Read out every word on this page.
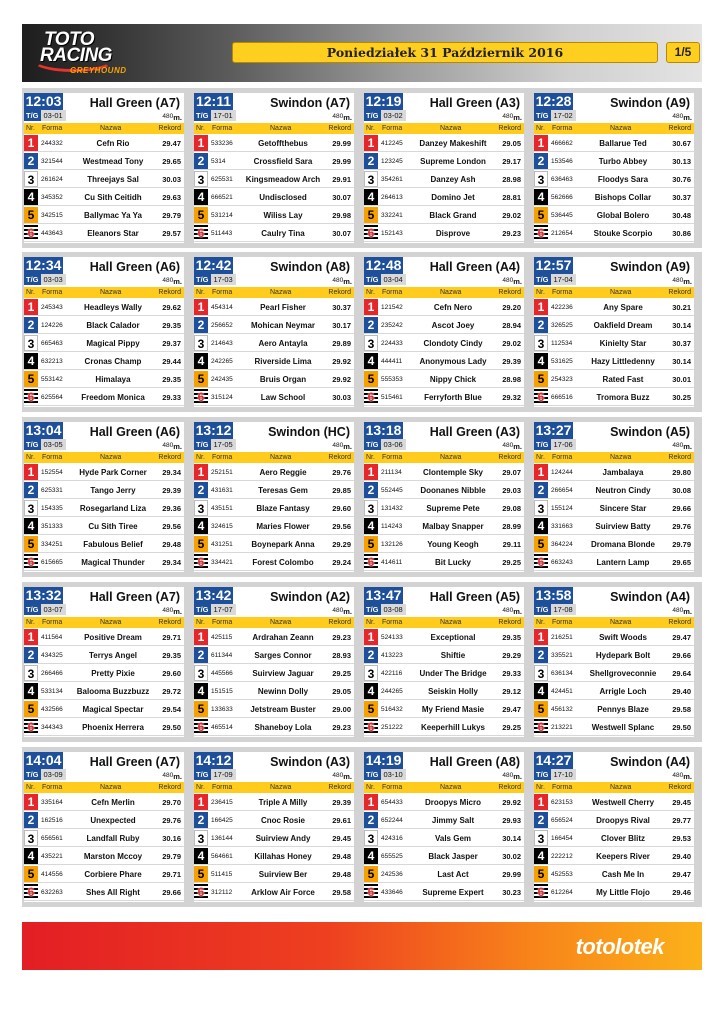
TOTO
RACING
GREYHOUND
Poniedziałek 31 Październik 2016	1/5
12:03
T/G 03-01
Hall Green (A7)
480m.
Nr. Forma	Nazwa	Rekord
1	244332	Cefn Rio	29.47
2	321544	Westmead Tony	29.65
3	261624	Threejays Sal	30.03
4	345352	Cu Sith Ceitidh	29.63
5	342515	Ballymac Ya Ya	29.79
6	443643	Eleanors Star	29.57
12:11
T/G 17-01
Swindon (A7)
480m.
Nr. Forma	Nazwa	Rekord
1	533236	Getoffthebus	29.99
2	5314	Crossfield Sara	29.99
3	625531	Kingsmeadow Arch	29.91
4	666521	Undisclosed	30.07
5	531214	Wiliss Lay	29.98
6	511443	Caulry Tina	30.07
12:19
T/G 03-02
Hall Green (A3)
480m.
Nr. Forma	Nazwa	Rekord
1	412245	Danzey Makeshift	29.05
2	123245	Supreme London	29.17
3	354261	Danzey Ash	28.98
4	264613	Domino Jet	28.81
5	332241	Black Grand	29.02
6	152143	Disprove	29.23
12:28
T/G 17-02
Swindon (A9)
480m.
Nr. Forma	Nazwa	Rekord
1	466662	Ballarue Ted	30.67
2	153546	Turbo Abbey	30.13
3	636463	Floodys Sara	30.76
4	562666	Bishops Collar	30.37
5	536445	Global Bolero	30.48
6	212654	Stouke Scorpio	30.86
12:34
T/G 03-03
Hall Green (A6)
480m.
Nr. Forma	Nazwa	Rekord
1	245343	Headleys Wally	29.62
2	124226	Black Calador	29.35
3	665463	Magical Pippy	29.37
4	632213	Cronas Champ	29.44
5	553142	Himalaya	29.35
6	625564	Freedom Monica	29.33
12:42
T/G 17-03
Swindon (A8)
480m.
Nr. Forma	Nazwa	Rekord
1	454314	Pearl Fisher	30.37
2	256652	Mohican Neymar	30.17
3	214643	Aero Antayla	29.89
4	242265	Riverside Lima	29.92
5	242435	Bruis Organ	29.92
6	315124	Law School	30.03
12:48
T/G 03-04
Hall Green (A4)
480m.
Nr. Forma	Nazwa	Rekord
1	121542	Cefn Nero	29.20
2	235242	Ascot Joey	28.94
3	224433	Clondoty Cindy	29.02
4	444411	Anonymous Lady	29.39
5	555353	Nippy Chick	28.98
6	515461	Ferryforth Blue	29.32
12:57
T/G 17-04
Swindon (A9)
480m.
Nr. Forma	Nazwa	Rekord
1	422236	Any Spare	30.21
2	326525	Oakfield Dream	30.14
3	112534	Kinielty Star	30.37
4	531625	Hazy Littledenny	30.14
5	254323	Rated Fast	30.01
6	666516	Tromora Buzz	30.25
13:04
T/G 03-05
Hall Green (A6)
480m.
Nr. Forma	Nazwa	Rekord
1	152554	Hyde Park Corner	29.34
2	625331	Tango Jerry	29.39
3	154335	Rosegarland Liza	29.36
4	351333	Cu Sith Tiree	29.56
5	334251	Fabulous Belief	29.48
6	615665	Magical Thunder	29.34
13:12
T/G 17-05
Swindon (HC)
480m.
Nr. Forma	Nazwa	Rekord
1	252151	Aero Reggie	29.76
2	431631	Teresas Gem	29.85
3	435151	Blaze Fantasy	29.60
4	324615	Maries Flower	29.56
5	431251	Boynepark Anna	29.29
6	334421	Forest Colombo	29.24
13:18
T/G 03-06
Hall Green (A3)
480m.
Nr. Forma	Nazwa	Rekord
1	211134	Clontemple Sky	29.07
2	552445	Doonanes Nibble	29.03
3	131432	Supreme Pete	29.08
4	114243	Malbay Snapper	28.99
5	132126	Young Keogh	29.11
6	414611	Bit Lucky	29.25
13:27
T/G 17-06
Swindon (A5)
480m.
Nr. Forma	Nazwa	Rekord
1	124244	Jambalaya	29.80
2	266654	Neutron Cindy	30.08
3	155124	Sincere Star	29.66
4	331663	Suirview Batty	29.76
5	364224	Dromana Blonde	29.79
6	663243	Lantern Lamp	29.65
13:32
T/G 03-07
Hall Green (A7)
480m.
Nr. Forma	Nazwa	Rekord
1	411564	Positive Dream	29.71
2	434325	Terrys Angel	29.35
3	266466	Pretty Pixie	29.60
4	533134	Balooma Buzzbuzz	29.72
5	432566	Magical Spectar	29.54
6	344343	Phoenix Herrera	29.50
13:42
T/G 17-07
Swindon (A2)
480m.
Nr. Forma	Nazwa	Rekord
1	425115	Ardrahan Zeann	29.23
2	611344	Sarges Connor	28.93
3	445566	Suirview Jaguar	29.25
4	151515	Newinn Dolly	29.05
5	133633	Jetstream Buster	29.00
6	465514	Shaneboy Lola	29.23
13:47
T/G 03-08
Hall Green (A5)
480m.
Nr. Forma	Nazwa	Rekord
1	524133	Exceptional	29.35
2	413223	Shiftie	29.29
3	422116	Under The Bridge	29.33
4	244265	Seiskin Holly	29.12
5	516432	My Friend Masie	29.47
6	251222	Keeperhill Lukys	29.25
13:58
T/G 17-08
Swindon (A4)
480m.
Nr. Forma	Nazwa	Rekord
1	216251	Swift Woods	29.47
2	335521	Hydepark Bolt	29.66
3	636134	Shellgroveconnie	29.64
4	424451	Arrigle Loch	29.40
5	456132	Pennys Blaze	29.58
6	213221	Westwell Splanc	29.50
14:04
T/G 03-09
Hall Green (A7)
480m.
Nr. Forma	Nazwa	Rekord
1	335164	Cefn Merlin	29.70
2	162516	Unexpected	29.76
3	656561	Landfall Ruby	30.16
4	435221	Marston Mccoy	29.79
5	414556	Corbiere Phare	29.71
6	632263	Shes All Right	29.66
14:12
T/G 17-09
Swindon (A3)
480m.
Nr. Forma	Nazwa	Rekord
1	236415	Triple A Milly	29.39
2	166425	Cnoc Rosie	29.61
3	136144	Suirview Andy	29.45
4	564661	Killahas Honey	29.48
5	511415	Suirview Ber	29.48
6	312112	Arklow Air Force	29.58
14:19
T/G 03-10
Hall Green (A8)
480m.
Nr. Forma	Nazwa	Rekord
1	654433	Droopys Micro	29.92
2	652244	Jimmy Salt	29.93
3	424316	Vals Gem	30.14
4	655525	Black Jasper	30.02
5	242536	Last Act	29.99
6	433646	Supreme Expert	30.23
14:27
T/G 17-10
Swindon (A4)
480m.
Nr. Forma	Nazwa	Rekord
1	623153	Westwell Cherry	29.45
2	656524	Droopys Rival	29.77
3	166454	Clover Blitz	29.53
4	222212	Keepers River	29.40
5	452553	Cash Me In	29.47
6	612264	My Little Flojo	29.46
totolotek
